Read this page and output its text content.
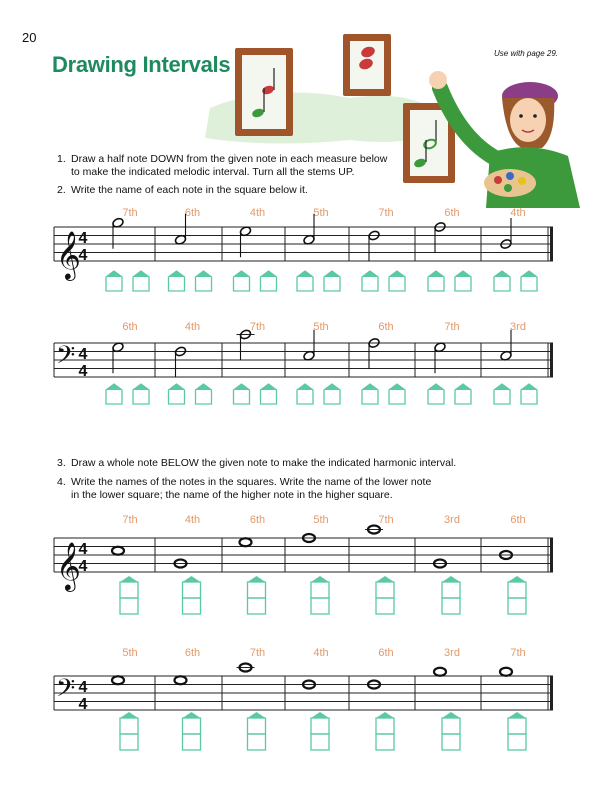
20
Drawing Intervals	Use with page 29.
1. Draw a half note DOWN from the given note in each measure below
to make the indicated melodic interval. Turn all the stems UP.
2. Write the name of each note in the square below it.
3. Draw a whole note BELOW the given note to make the indicated harmonic interval.
4. Write the names of the notes in the squares. Write the name of the lower note
in the lower square; the name of the higher note in the higher square.
𝄞
4
4
7th	6th	4th	5th	7th	6th	4th
𝄢 4
4
6th	4th	7th	5th	6th	7th	3rd
𝄞
4
4
7th	4th	6th	5th	7th	3rd	6th
𝄢 4
4
5th	6th	7th	4th	6th	3rd	7th
